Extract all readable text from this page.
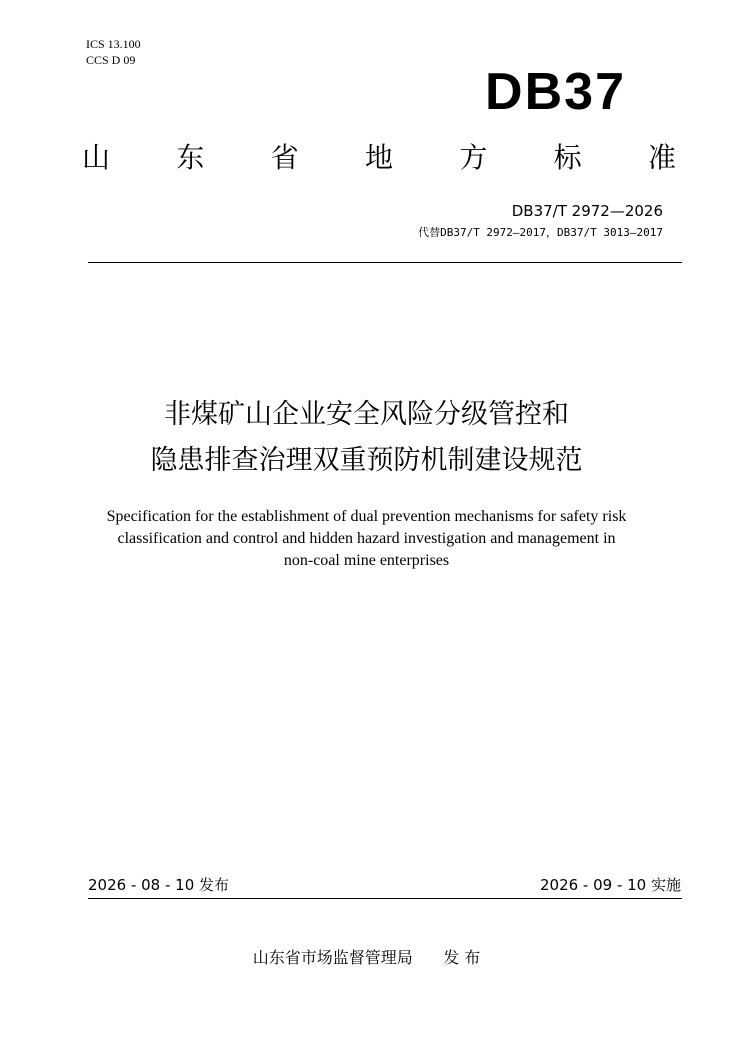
ICS 13.100
CCS D 09
DB37
山 东 省 地 方 标 准
DB37/T 2972—2026
代替DB37/T 2972—2017，DB37/T 3013—2017
非煤矿山企业安全风险分级管控和
隐患排查治理双重预防机制建设规范
Specification for the establishment of dual prevention mechanisms for safety risk
classification and control and hidden hazard investigation and management in
non-coal mine enterprises
2026 - 08 - 10 发布	2026 - 09 - 10 实施
山东省市场监督管理局 发 布
